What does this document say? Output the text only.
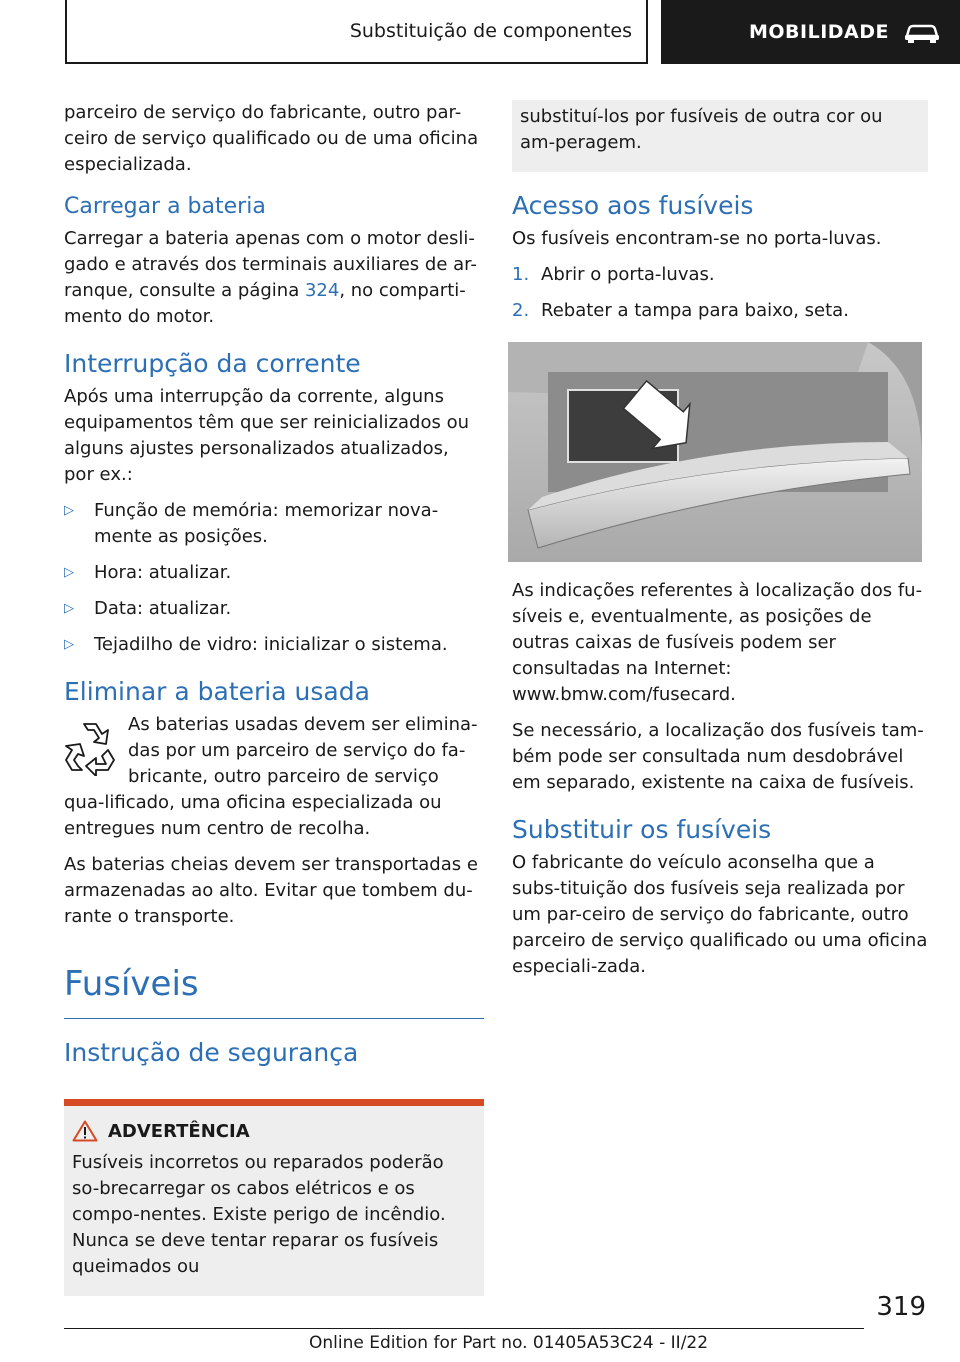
Substituição de componentes	MOBILIDADE

parceiro de serviço do fabricante, outro par-ceiro de serviço qualificado ou de uma oficina especializada.

Carregar a bateria

Carregar a bateria apenas com o motor desli-gado e através dos terminais auxiliares de ar-ranque, consulte a página 324, no comparti-mento do motor.

Interrupção da corrente

Após uma interrupção da corrente, alguns equipamentos têm que ser reinicializados ou alguns ajustes personalizados atualizados, por ex.:

▷	Função de memória: memorizar nova-mente as posições.
▷	Hora: atualizar.
▷	Data: atualizar.
▷	Tejadilho de vidro: inicializar o sistema.
Eliminar a bateria usada

As baterias usadas devem ser elimina-das por um parceiro de serviço do fa-bricante, outro parceiro de serviço qua-lificado, uma oficina especializada ou entregues num centro de recolha.

As baterias cheias devem ser transportadas e armazenadas ao alto. Evitar que tombem du-rante o transporte.

Fusíveis
Instrução de segurança
ADVERTÊNCIA

Fusíveis incorretos ou reparados poderão so-brecarregar os cabos elétricos e os compo-nentes. Existe perigo de incêndio. Nunca se deve tentar reparar os fusíveis queimados ou

substituí-los por fusíveis de outra cor ou am-peragem.

Acesso aos fusíveis

Os fusíveis encontram-se no porta-luvas.

1. Abrir o porta-luvas.
2. Rebater a tampa para baixo, seta.

As indicações referentes à localização dos fu-síveis e, eventualmente, as posições de outras caixas de fusíveis podem ser consultadas na Internet: www.bmw.com/fusecard.

Se necessário, a localização dos fusíveis tam-bém pode ser consultada num desdobrável em separado, existente na caixa de fusíveis.

Substituir os fusíveis

O fabricante do veículo aconselha que a subs-tituição dos fusíveis seja realizada por um par-ceiro de serviço do fabricante, outro parceiro de serviço qualificado ou uma oficina especiali-zada.

319
Online Edition for Part no. 01405A53C24 - II/22
